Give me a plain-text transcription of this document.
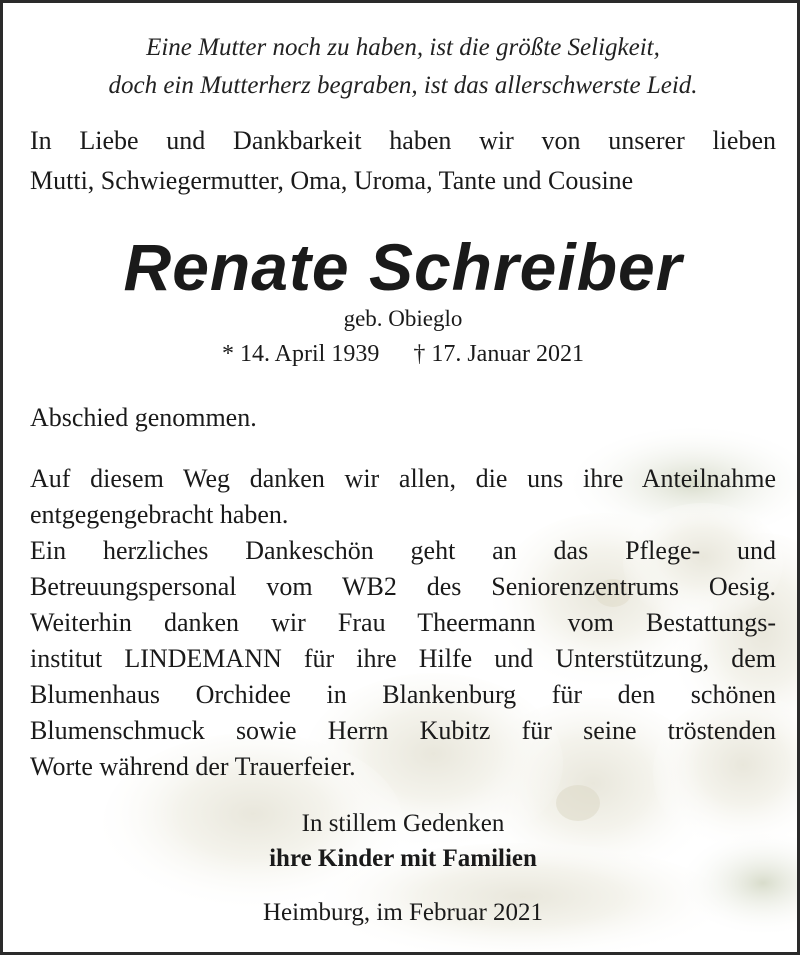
Eine Mutter noch zu haben, ist die größte Seligkeit,
doch ein Mutterherz begraben, ist das allerschwerste Leid.
In Liebe und Dankbarkeit haben wir von unserer lieben
Mutti, Schwiegermutter, Oma, Uroma, Tante und Cousine
Renate Schreiber
geb. Obieglo
* 14. April 1939 † 17. Januar 2021
Abschied genommen.
Auf diesem Weg danken wir allen, die uns ihre Anteilnahme
entgegengebracht haben.
Ein herzliches Dankeschön geht an das Pflege- und
Betreuungspersonal vom WB2 des Seniorenzentrums Oesig.
Weiterhin danken wir Frau Theermann vom Bestattungs-
institut LINDEMANN für ihre Hilfe und Unterstützung, dem
Blumenhaus Orchidee in Blankenburg für den schönen
Blumenschmuck sowie Herrn Kubitz für seine tröstenden
Worte während der Trauerfeier.
In stillem Gedenken
ihre Kinder mit Familien
Heimburg, im Februar 2021
